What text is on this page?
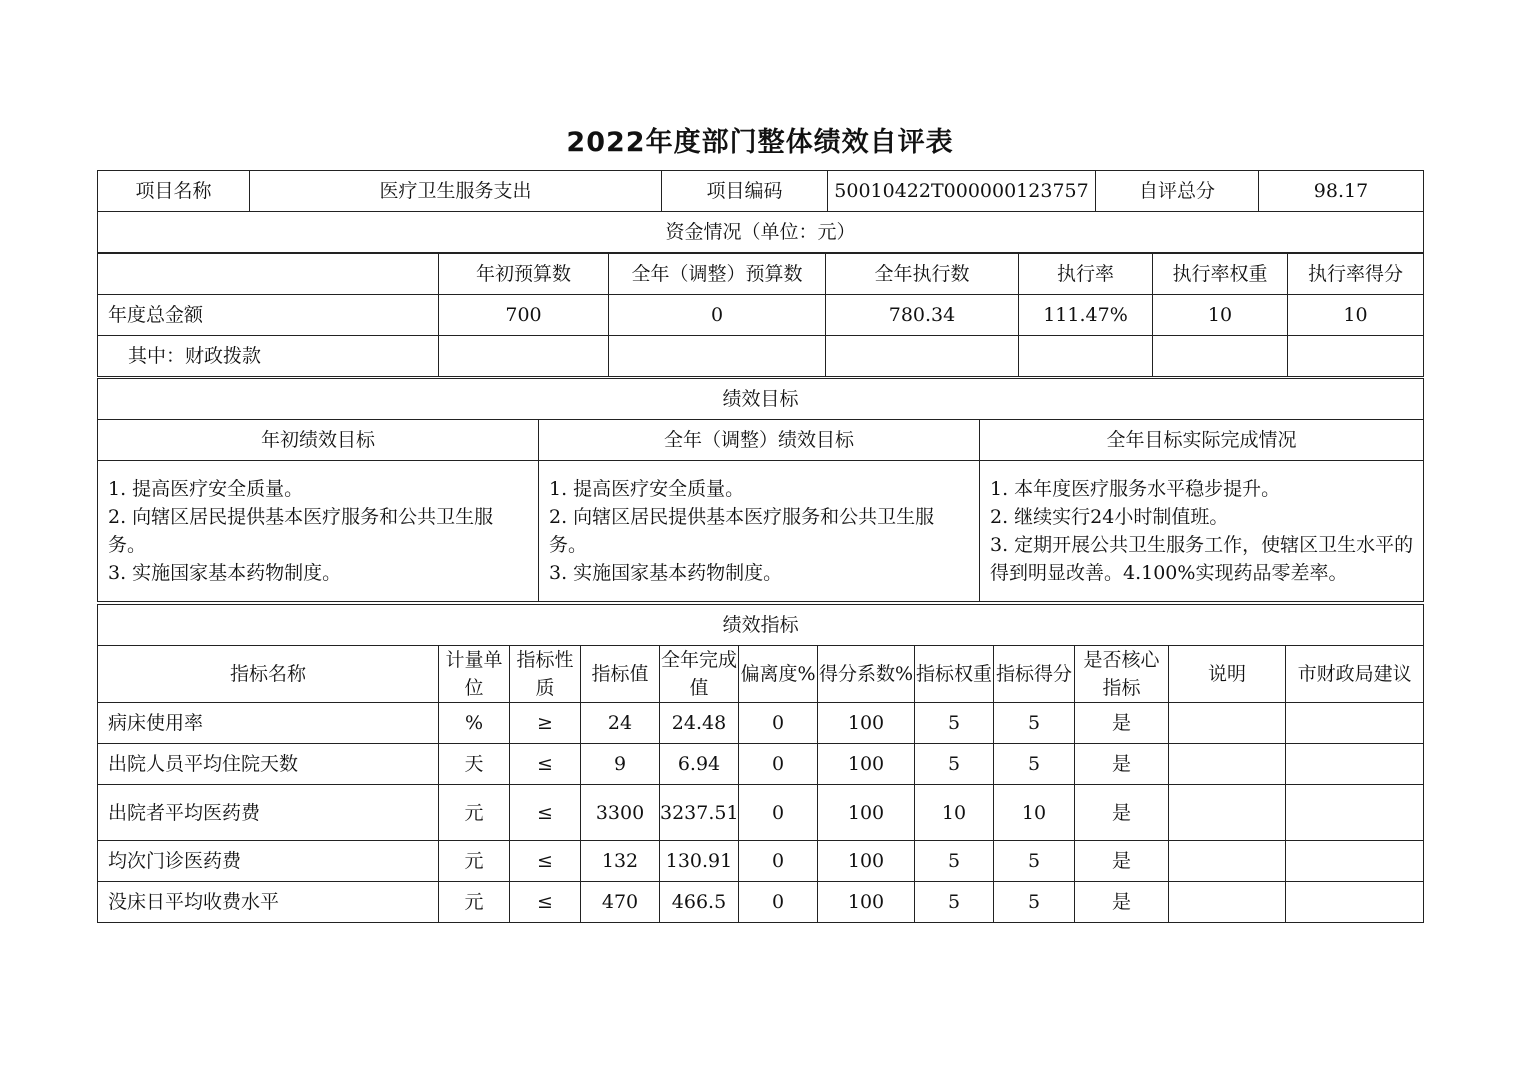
2022年度部门整体绩效自评表
项目名称	医疗卫生服务支出	项目编码	50010422T000000123757	自评总分	98.17
资金情况（单位：元）
	年初预算数	全年（调整）预算数	全年执行数	执行率	执行率权重	执行率得分
年度总金额	700	0	780.34	111.47%	10	10
其中：财政拨款						
绩效目标		
年初绩效目标	全年（调整）绩效目标	全年目标实际完成情况

1. 提高医疗安全质量。
2. 向辖区居民提供基本医疗服务和公共卫生服务。
3. 实施国家基本药物制度。	1. 提高医疗安全质量。
2. 向辖区居民提供基本医疗服务和公共卫生服务。
3. 实施国家基本药物制度。	1. 本年度医疗服务水平稳步提升。
2. 继续实行24小时制值班。
3. 定期开展公共卫生服务工作，使辖区卫生水平的得到明显改善。4.100%实现药品零差率。
绩效指标											
指标名称	计量单位	指标性质	指标值	全年完成值	偏离度%	得分系数%	指标权重	指标得分	是否核心指标	说明	市财政局建议
病床使用率	%	≥	24	24.48	0	100	5	5	是		
出院人员平均住院天数	天	≤	9	6.94	0	100	5	5	是		
出院者平均医药费	元	≤	3300	3237.51	0	100	10	10	是		
均次门诊医药费	元	≤	132	130.91	0	100	5	5	是		
没床日平均收费水平	元	≤	470	466.5	0	100	5	5	是		
